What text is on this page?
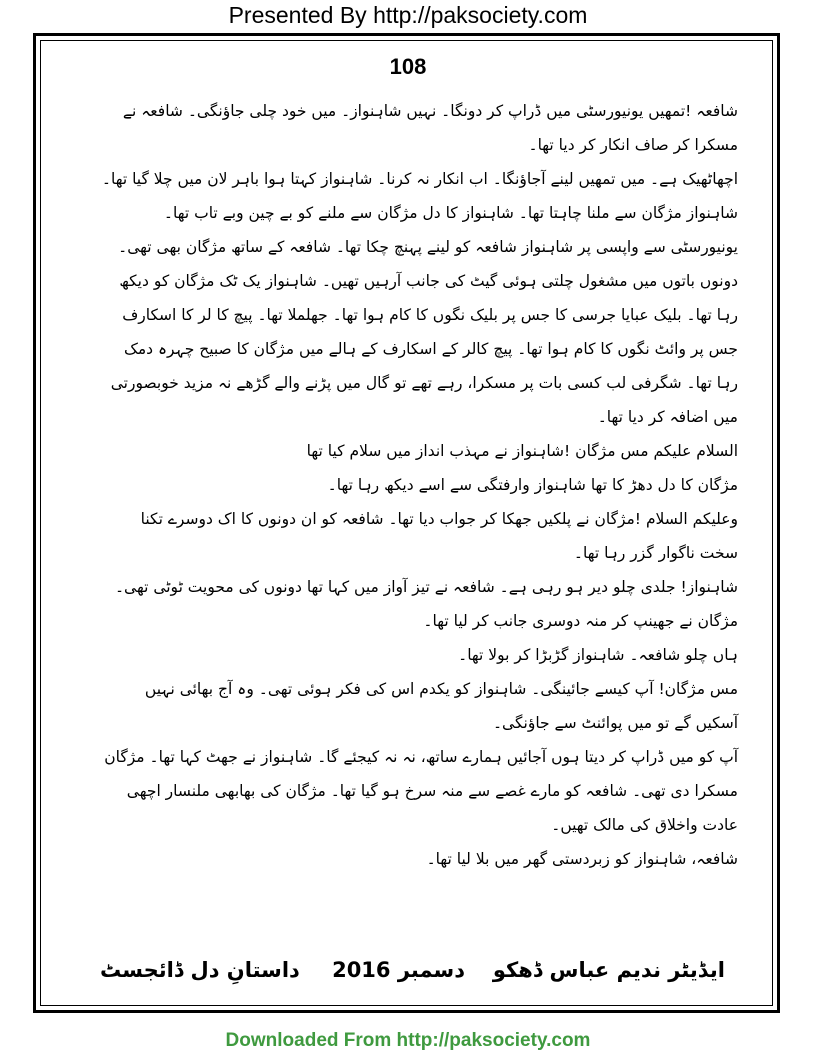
Presented By http://paksociety.com
108

شافعہ !تمھیں یونیورسٹی میں ڈراپ کر دونگا۔ نہیں شاہنواز۔ میں خود چلی جاؤنگی۔ شافعہ نے مسکرا کر صاف انکار کر دیا تھا۔

اچھاٹھیک ہے۔ میں تمھیں لینے آجاؤنگا۔ اب انکار نہ کرنا۔ شاہنواز کہتا ہوا باہر لان میں چلا گیا تھا۔

شاہنواز مژگان سے ملنا چاہتا تھا۔ شاہنواز کا دل مژگان سے ملنے کو بے چین وبے تاب تھا۔ یونیورسٹی سے واپسی پر شاہنواز شافعہ کو لینے پہنچ چکا تھا۔ شافعہ کے ساتھ مژگان بھی تھی۔ دونوں باتوں میں مشغول چلتی ہوئی گیٹ کی جانب آرہیں تھیں۔ شاہنواز یک ٹک مژگان کو دیکھ رہا تھا۔ بلیک عبایا جرسی کا جس پر بلیک نگوں کا کام ہوا تھا۔ جھلملا تھا۔ پیچ کا لر کا اسکارف جس پر وائٹ نگوں کا کام ہوا تھا۔ پیچ کالر کے اسکارف کے ہالے میں مژگان کا صبیح چہرہ دمک رہا تھا۔ شگرفی لب کسی بات پر مسکرا، رہے تھے تو گال میں پڑنے والے گڑھے نہ مزید خوبصورتی میں اضافہ کر دیا تھا۔

السلام علیکم مس مژگان !شاہنواز نے مہذب انداز میں سلام کیا تھا

مژگان کا دل دھڑ کا تھا شاہنواز وارفتگی سے اسے دیکھ رہا تھا۔

وعلیکم السلام !مژگان نے پلکیں جھکا کر جواب دیا تھا۔ شافعہ کو ان دونوں کا اک دوسرے تکنا سخت ناگوار گزر رہا تھا۔

شاہنواز! جلدی چلو دیر ہو رہی ہے۔ شافعہ نے تیز آواز میں کہا تھا دونوں کی محویت ٹوٹی تھی۔ مژگان نے جھینپ کر منہ دوسری جانب کر لیا تھا۔

ہاں چلو شافعہ۔ شاہنواز گڑبڑا کر بولا تھا۔

مس مژگان! آپ کیسے جائینگی۔ شاہنواز کو یکدم اس کی فکر ہوئی تھی۔ وہ آج بھائی نہیں آسکیں گے تو میں پوائنٹ سے جاؤنگی۔

آپ کو میں ڈراپ کر دیتا ہوں آجائیں ہمارے ساتھ، نہ نہ کیجئے گا۔ شاہنواز نے جھٹ کہا تھا۔ مژگان مسکرا دی تھی۔ شافعہ کو مارے غصے سے منہ سرخ ہو گیا تھا۔ مژگان کی بھابھی ملنسار اچھی عادت واخلاق کی مالک تھیں۔

شافعہ، شاہنواز کو زبردستی گھر میں بلا لیا تھا۔

ایڈیٹر ندیم عباس ڈھکو
دسمبر 2016
داستانِ دل ڈائجسٹ
Downloaded From http://paksociety.com
